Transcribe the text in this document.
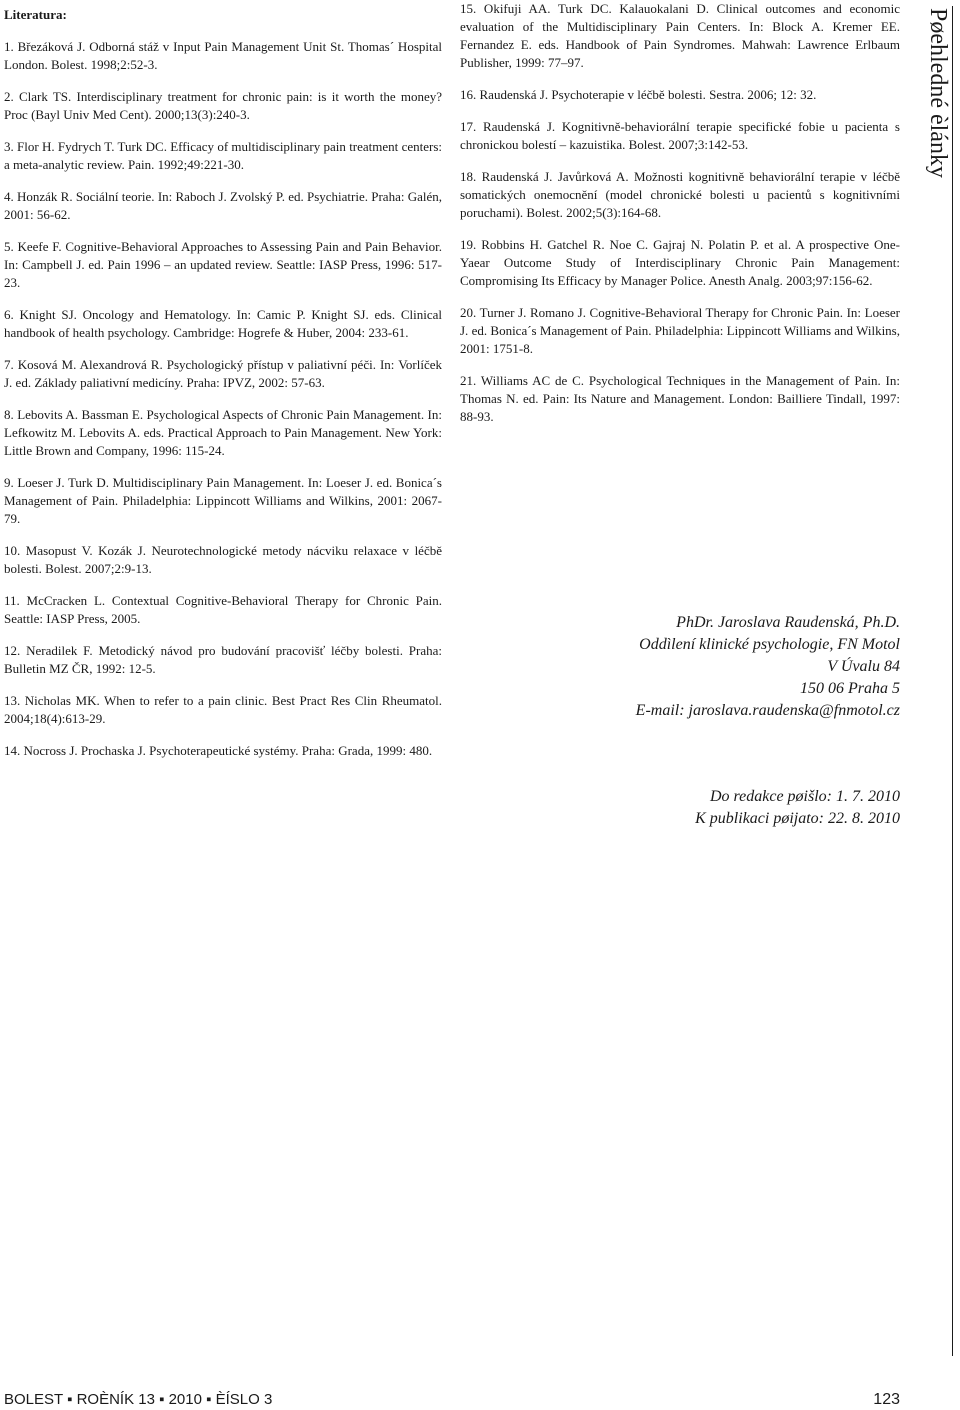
Literatura:
1. Březáková J. Odborná stáž v Input Pain Management Unit St. Thomas´ Hospital London. Bolest. 1998;2:52-3.
2. Clark TS. Interdisciplinary treatment for chronic pain: is it worth the money? Proc (Bayl Univ Med Cent). 2000;13(3):240-3.
3. Flor H. Fydrych T. Turk DC. Efficacy of multidisciplinary pain treatment centers: a meta-analytic review. Pain. 1992;49:221-30.
4. Honzák R. Sociální teorie. In: Raboch J. Zvolský P. ed. Psychiatrie. Praha: Galén, 2001: 56-62.
5. Keefe F. Cognitive-Behavioral Approaches to Assessing Pain and Pain Behavior. In: Campbell J. ed. Pain 1996 – an updated review. Seattle: IASP Press, 1996: 517-23.
6. Knight SJ. Oncology and Hematology. In: Camic P. Knight SJ. eds. Clinical handbook of health psychology. Cambridge: Hogrefe & Huber, 2004: 233-61.
7. Kosová M. Alexandrová R. Psychologický přístup v paliativní péči. In: Vorlíček J. ed. Základy paliativní medicíny. Praha: IPVZ, 2002: 57-63.
8. Lebovits A. Bassman E. Psychological Aspects of Chronic Pain Management. In: Lefkowitz M. Lebovits A. eds. Practical Approach to Pain Management. New York: Little Brown and Company, 1996: 115-24.
9. Loeser J. Turk D. Multidisciplinary Pain Management. In: Loeser J. ed. Bonica´s Management of Pain. Philadelphia: Lippincott Williams and Wilkins, 2001: 2067-79.
10. Masopust V. Kozák J. Neurotechnologické metody nácviku relaxace v léčbě bolesti. Bolest. 2007;2:9-13.
11. McCracken L. Contextual Cognitive-Behavioral Therapy for Chronic Pain. Seattle: IASP Press, 2005.
12. Neradilek F. Metodický návod pro budování pracovišť léčby bolesti. Praha: Bulletin MZ ČR, 1992: 12-5.
13. Nicholas MK. When to refer to a pain clinic. Best Pract Res Clin Rheumatol. 2004;18(4):613-29.
14. Nocross J. Prochaska J. Psychoterapeutické systémy. Praha: Grada, 1999: 480.
15. Okifuji AA. Turk DC. Kalauokalani D. Clinical outcomes and economic evaluation of the Multidisciplinary Pain Centers. In: Block A. Kremer EE. Fernandez E. eds. Handbook of Pain Syndromes. Mahwah: Lawrence Erlbaum Publisher, 1999: 77–97.
16. Raudenská J. Psychoterapie v léčbě bolesti. Sestra. 2006; 12: 32.
17. Raudenská J. Kognitivně-behaviorální terapie specifické fobie u pacienta s chronickou bolestí – kazuistika. Bolest. 2007;3:142-53.
18. Raudenská J. Javůrková A. Možnosti kognitivně behaviorální terapie v léčbě somatických onemocnění (model chronické bolesti u pacientů s kognitivními poruchami). Bolest. 2002;5(3):164-68.
19. Robbins H. Gatchel R. Noe C. Gajraj N. Polatin P. et al. A prospective One-Yaear Outcome Study of Interdisciplinary Chronic Pain Management: Compromising Its Efficacy by Manager Police. Anesth Analg. 2003;97:156-62.
20. Turner J. Romano J. Cognitive-Behavioral Therapy for Chronic Pain. In: Loeser J. ed. Bonica´s Management of Pain. Philadelphia: Lippincott Williams and Wilkins, 2001: 1751-8.
21. Williams AC de C. Psychological Techniques in the Management of Pain. In: Thomas N. ed. Pain: Its Nature and Management. London: Bailliere Tindall, 1997: 88-93.
Pøehledné èlánky
PhDr. Jaroslava Raudenská, Ph.D.
Oddìlení klinické psychologie, FN Motol
V Úvalu 84
150 06 Praha 5
E-mail: jaroslava.raudenska@fnmotol.cz
Do redakce pøišlo: 1. 7. 2010
K publikaci pøijato: 22. 8. 2010
BOLEST ▪ ROÈNÍK 13 ▪ 2010 ▪ ÈÍSLO 3	123
